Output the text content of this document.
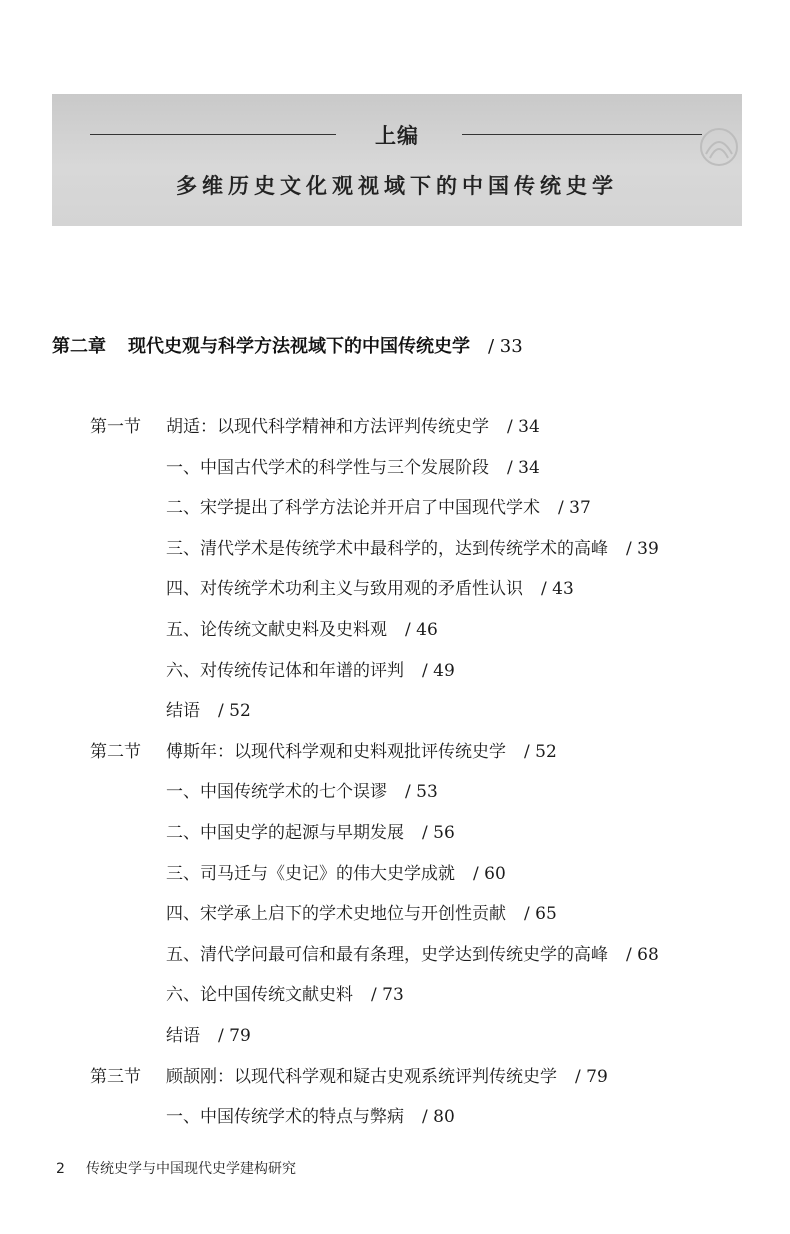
上编
多维历史文化观视域下的中国传统史学
第二章 现代史观与科学方法视域下的中国传统史学 / 33
第一节 胡适：以现代科学精神和方法评判传统史学 / 34
一、中国古代学术的科学性与三个发展阶段 / 34
二、宋学提出了科学方法论并开启了中国现代学术 / 37
三、清代学术是传统学术中最科学的，达到传统学术的高峰 / 39
四、对传统学术功利主义与致用观的矛盾性认识 / 43
五、论传统文献史料及史料观 / 46
六、对传统传记体和年谱的评判 / 49
结语 / 52
第二节 傅斯年：以现代科学观和史料观批评传统史学 / 52
一、中国传统学术的七个误谬 / 53
二、中国史学的起源与早期发展 / 56
三、司马迁与《史记》的伟大史学成就 / 60
四、宋学承上启下的学术史地位与开创性贡献 / 65
五、清代学问最可信和最有条理，史学达到传统史学的高峰 / 68
六、论中国传统文献史料 / 73
结语 / 79
第三节 顾颉刚：以现代科学观和疑古史观系统评判传统史学 / 79
一、中国传统学术的特点与弊病 / 80
2 传统史学与中国现代史学建构研究
